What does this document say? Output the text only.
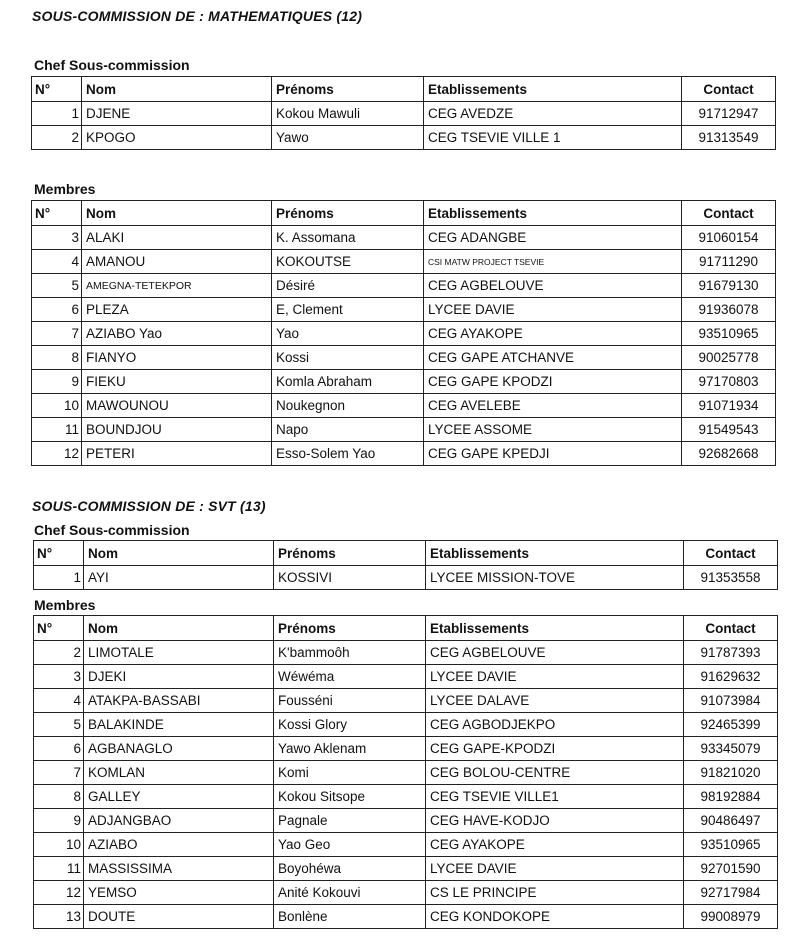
SOUS-COMMISSION DE : MATHEMATIQUES (12)
Chef Sous-commission
N°	Nom	Prénoms	Etablissements	Contact
1	DJENE	Kokou Mawuli	CEG AVEDZE	91712947
2	KPOGO	Yawo	CEG TSEVIE VILLE 1	91313549
Membres
N°	Nom	Prénoms	Etablissements	Contact
3	ALAKI	K. Assomana	CEG ADANGBE	91060154
4	AMANOU	KOKOUTSE	CSI MATW PROJECT TSEVIE	91711290
5	AMEGNA-TETEKPOR	Désiré	CEG AGBELOUVE	91679130
6	PLEZA	E, Clement	LYCEE DAVIE	91936078
7	AZIABO Yao	Yao	CEG AYAKOPE	93510965
8	FIANYO	Kossi	CEG GAPE ATCHANVE	90025778
9	FIEKU	Komla Abraham	CEG GAPE KPODZI	97170803
10	MAWOUNOU	Noukegnon	CEG AVELEBE	91071934
11	BOUNDJOU	Napo	LYCEE ASSOME	91549543
12	PETERI	Esso-Solem Yao	CEG GAPE KPEDJI	92682668
SOUS-COMMISSION DE : SVT (13)
Chef Sous-commission
N°	Nom	Prénoms	Etablissements	Contact
1	AYI	KOSSIVI	LYCEE MISSION-TOVE	91353558
Membres
N°	Nom	Prénoms	Etablissements	Contact
2	LIMOTALE	K'bammoôh	CEG AGBELOUVE	91787393
3	DJEKI	Wéwéma	LYCEE DAVIE	91629632
4	ATAKPA-BASSABI	Fousséni	LYCEE DALAVE	91073984
5	BALAKINDE	Kossi Glory	CEG AGBODJEKPO	92465399
6	AGBANAGLO	Yawo Aklenam	CEG GAPE-KPODZI	93345079
7	KOMLAN	Komi	CEG BOLOU-CENTRE	91821020
8	GALLEY	Kokou Sitsope	CEG TSEVIE VILLE1	98192884
9	ADJANGBAO	Pagnale	CEG HAVE-KODJO	90486497
10	AZIABO	Yao Geo	CEG AYAKOPE	93510965
11	MASSISSIMA	Boyohéwa	LYCEE DAVIE	92701590
12	YEMSO	Anité Kokouvi	CS LE PRINCIPE	92717984
13	DOUTE	Bonlène	CEG KONDOKOPE	99008979
